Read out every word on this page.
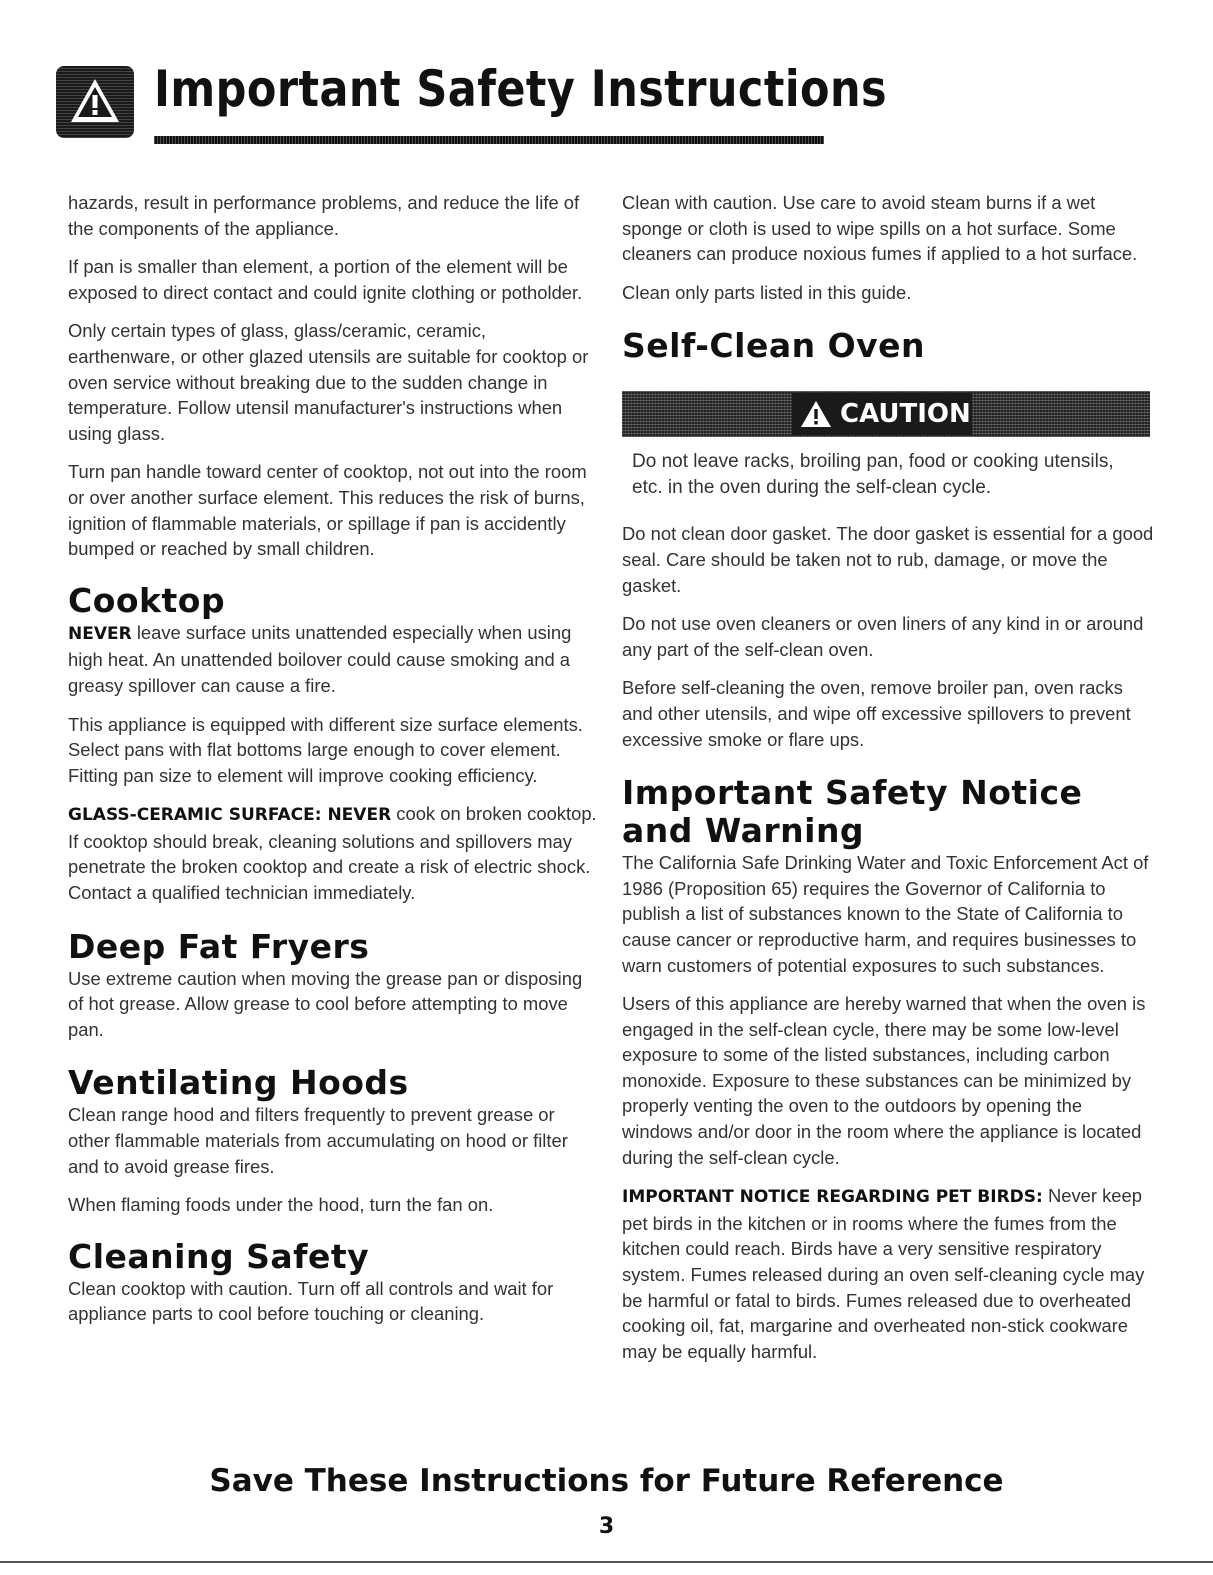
Important Safety Instructions

hazards, result in performance problems, and reduce the life of the components of the appliance.

If pan is smaller than element, a portion of the element will be exposed to direct contact and could ignite clothing or potholder.

Only certain types of glass, glass/ceramic, ceramic, earthenware, or other glazed utensils are suitable for cooktop or oven service without breaking due to the sudden change in temperature. Follow utensil manufacturer's instructions when using glass.

Turn pan handle toward center of cooktop, not out into the room or over another surface element. This reduces the risk of burns, ignition of flammable materials, or spillage if pan is accidently bumped or reached by small children.

Cooktop

NEVER leave surface units unattended especially when using high heat. An unattended boilover could cause smoking and a greasy spillover can cause a fire.

This appliance is equipped with different size surface elements. Select pans with flat bottoms large enough to cover element. Fitting pan size to element will improve cooking efficiency.

GLASS-CERAMIC SURFACE: NEVER cook on broken cooktop. If cooktop should break, cleaning solutions and spillovers may penetrate the broken cooktop and create a risk of electric shock. Contact a qualified technician immediately.

Deep Fat Fryers

Use extreme caution when moving the grease pan or disposing of hot grease. Allow grease to cool before attempting to move pan.

Ventilating Hoods

Clean range hood and filters frequently to prevent grease or other flammable materials from accumulating on hood or filter and to avoid grease fires.

When flaming foods under the hood, turn the fan on.

Cleaning Safety

Clean cooktop with caution. Turn off all controls and wait for appliance parts to cool before touching or cleaning.

Clean with caution. Use care to avoid steam burns if a wet sponge or cloth is used to wipe spills on a hot surface. Some cleaners can produce noxious fumes if applied to a hot surface.

Clean only parts listed in this guide.

Self-Clean Oven
CAUTION

Do not leave racks, broiling pan, food or cooking utensils, etc. in the oven during the self-clean cycle.

Do not clean door gasket. The door gasket is essential for a good seal. Care should be taken not to rub, damage, or move the gasket.

Do not use oven cleaners or oven liners of any kind in or around any part of the self-clean oven.

Before self-cleaning the oven, remove broiler pan, oven racks and other utensils, and wipe off excessive spillovers to prevent excessive smoke or flare ups.

Important Safety Notice and Warning

The California Safe Drinking Water and Toxic Enforcement Act of 1986 (Proposition 65) requires the Governor of California to publish a list of substances known to the State of California to cause cancer or reproductive harm, and requires businesses to warn customers of potential exposures to such substances.

Users of this appliance are hereby warned that when the oven is engaged in the self-clean cycle, there may be some low-level exposure to some of the listed substances, including carbon monoxide. Exposure to these substances can be minimized by properly venting the oven to the outdoors by opening the windows and/or door in the room where the appliance is located during the self-clean cycle.

IMPORTANT NOTICE REGARDING PET BIRDS: Never keep pet birds in the kitchen or in rooms where the fumes from the kitchen could reach. Birds have a very sensitive respiratory system. Fumes released during an oven self-cleaning cycle may be harmful or fatal to birds. Fumes released due to overheated cooking oil, fat, margarine and overheated non-stick cookware may be equally harmful.

Save These Instructions for Future Reference
3
